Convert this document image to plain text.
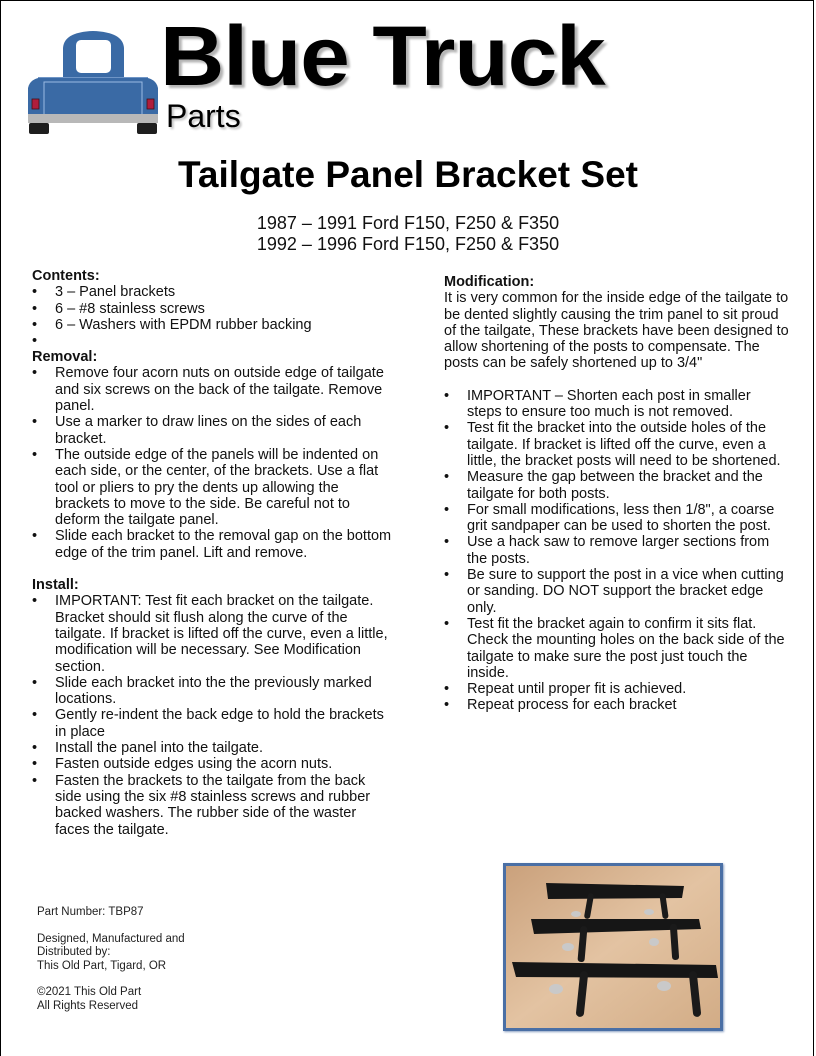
Blue Truck
Parts
Tailgate Panel Bracket Set
1987 – 1991 Ford F150, F250 & F350
1992 – 1996 Ford F150, F250 & F350
Contents:
• 3 – Panel brackets
• 6 – #8 stainless screws
• 6 – Washers with EPDM rubber backing
•
Removal:
• Remove four acorn nuts on outside edge of tailgate and six screws on the back of the tailgate. Remove panel.
• Use a marker to draw lines on the sides of each bracket.
• The outside edge of the panels will be indented on each side, or the center, of the brackets. Use a flat tool or pliers to pry the dents up allowing the brackets to move to the side. Be careful not to deform the tailgate panel.
• Slide each bracket to the removal gap on the bottom edge of the trim panel. Lift and remove.
Install:
• IMPORTANT: Test fit each bracket on the tailgate. Bracket should sit flush along the curve of the tailgate. If bracket is lifted off the curve, even a little, modification will be necessary. See Modification section.
• Slide each bracket into the the previously marked locations.
• Gently re-indent the back edge to hold the brackets in place
• Install the panel into the tailgate.
• Fasten outside edges using the acorn nuts.
• Fasten the brackets to the tailgate from the back side using the six #8 stainless screws and rubber backed washers. The rubber side of the waster faces the tailgate.
Modification:

It is very common for the inside edge of the tailgate to be dented slightly causing the trim panel to sit proud of the tailgate, These brackets have been designed to allow shortening of the posts to compensate. The posts can be safely shortened up to 3/4"

• IMPORTANT – Shorten each post in smaller steps to ensure too much is not removed.
• Test fit the bracket into the outside holes of the tailgate. If bracket is lifted off the curve, even a little, the bracket posts will need to be shortened.
• Measure the gap between the bracket and the tailgate for both posts.
• For small modifications, less then 1/8", a coarse grit sandpaper can be used to shorten the post.
• Use a hack saw to remove larger sections from the posts.
• Be sure to support the post in a vice when cutting or sanding. DO NOT support the bracket edge only.
• Test fit the bracket again to confirm it sits flat. Check the mounting holes on the back side of the tailgate to make sure the post just touch the inside.
• Repeat until proper fit is achieved.
• Repeat process for each bracket
Part Number: TBP87
Designed, Manufactured and
Distributed by:
This Old Part, Tigard, OR
©2021 This Old Part
All Rights Reserved
